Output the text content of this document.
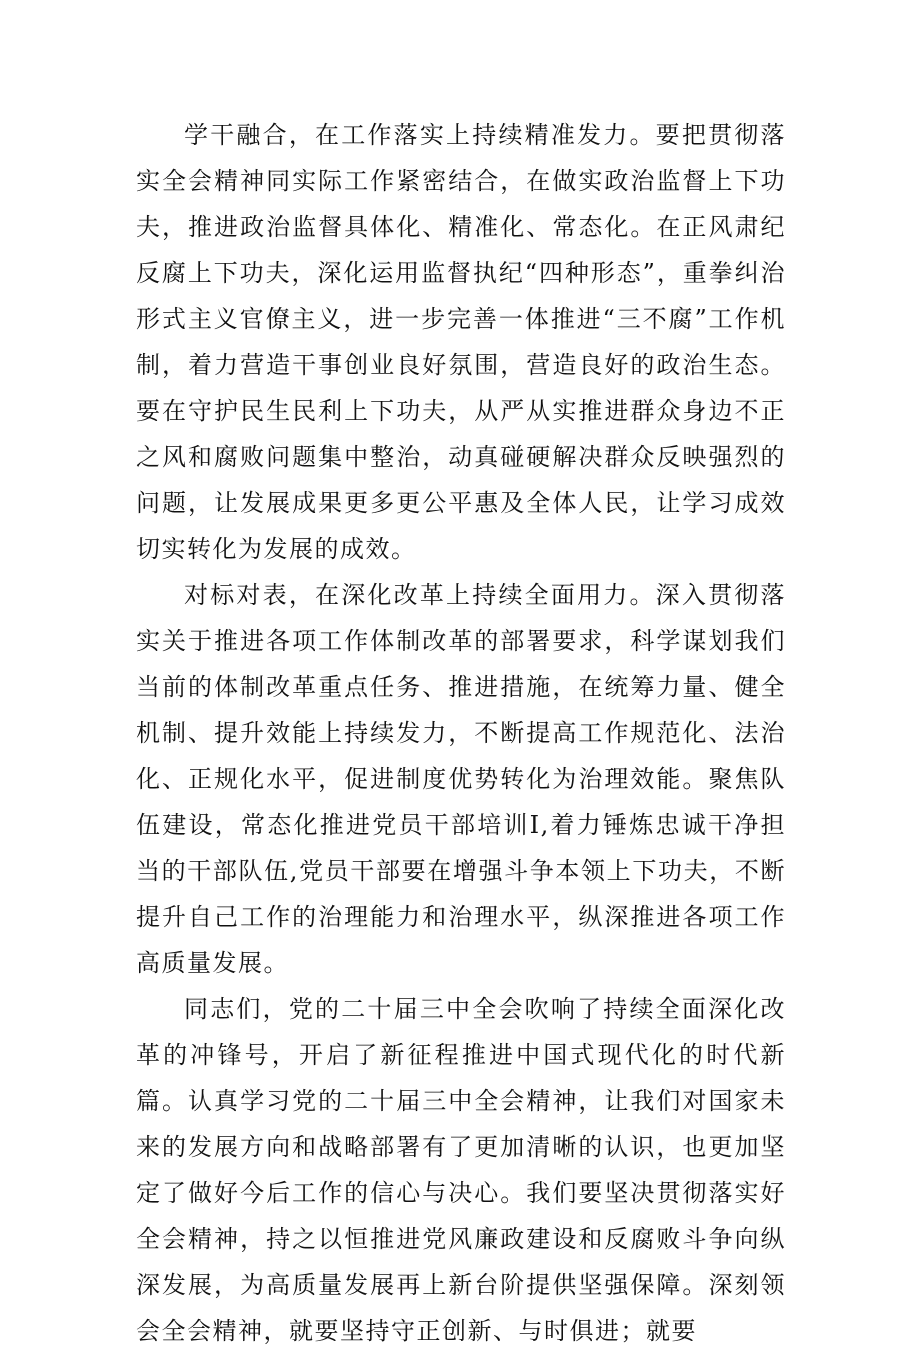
学干融合，在工作落实上持续精准发力。要把贯彻落实全会精神同实际工作紧密结合，在做实政治监督上下功夫，推进政治监督具体化、精准化、常态化。在正风肃纪反腐上下功夫，深化运用监督执纪“四种形态”，重拳纠治形式主义官僚主义，进一步完善一体推进“三不腐”工作机制，着力营造干事创业良好氛围，营造良好的政治生态。要在守护民生民利上下功夫，从严从实推进群众身边不正之风和腐败问题集中整治，动真碰硬解决群众反映强烈的问题，让发展成果更多更公平惠及全体人民，让学习成效切实转化为发展的成效。

对标对表，在深化改革上持续全面用力。深入贯彻落实关于推进各项工作体制改革的部署要求，科学谋划我们当前的体制改革重点任务、推进措施，在统筹力量、健全机制、提升效能上持续发力，不断提高工作规范化、法治化、正规化水平，促进制度优势转化为治理效能。聚焦队伍建设，常态化推进党员干部培训I,着力锤炼忠诚干净担当的干部队伍,党员干部要在增强斗争本领上下功夫，不断提升自己工作的治理能力和治理水平，纵深推进各项工作高质量发展。

同志们，党的二十届三中全会吹响了持续全面深化改革的冲锋号，开启了新征程推进中国式现代化的时代新篇。认真学习党的二十届三中全会精神，让我们对国家未来的发展方向和战略部署有了更加清晰的认识，也更加坚定了做好今后工作的信心与决心。我们要坚决贯彻落实好全会精神，持之以恒推进党风廉政建设和反腐败斗争向纵深发展，为高质量发展再上新台阶提供坚强保障。深刻领会全会精神，就要坚持守正创新、与时俱进；就要
